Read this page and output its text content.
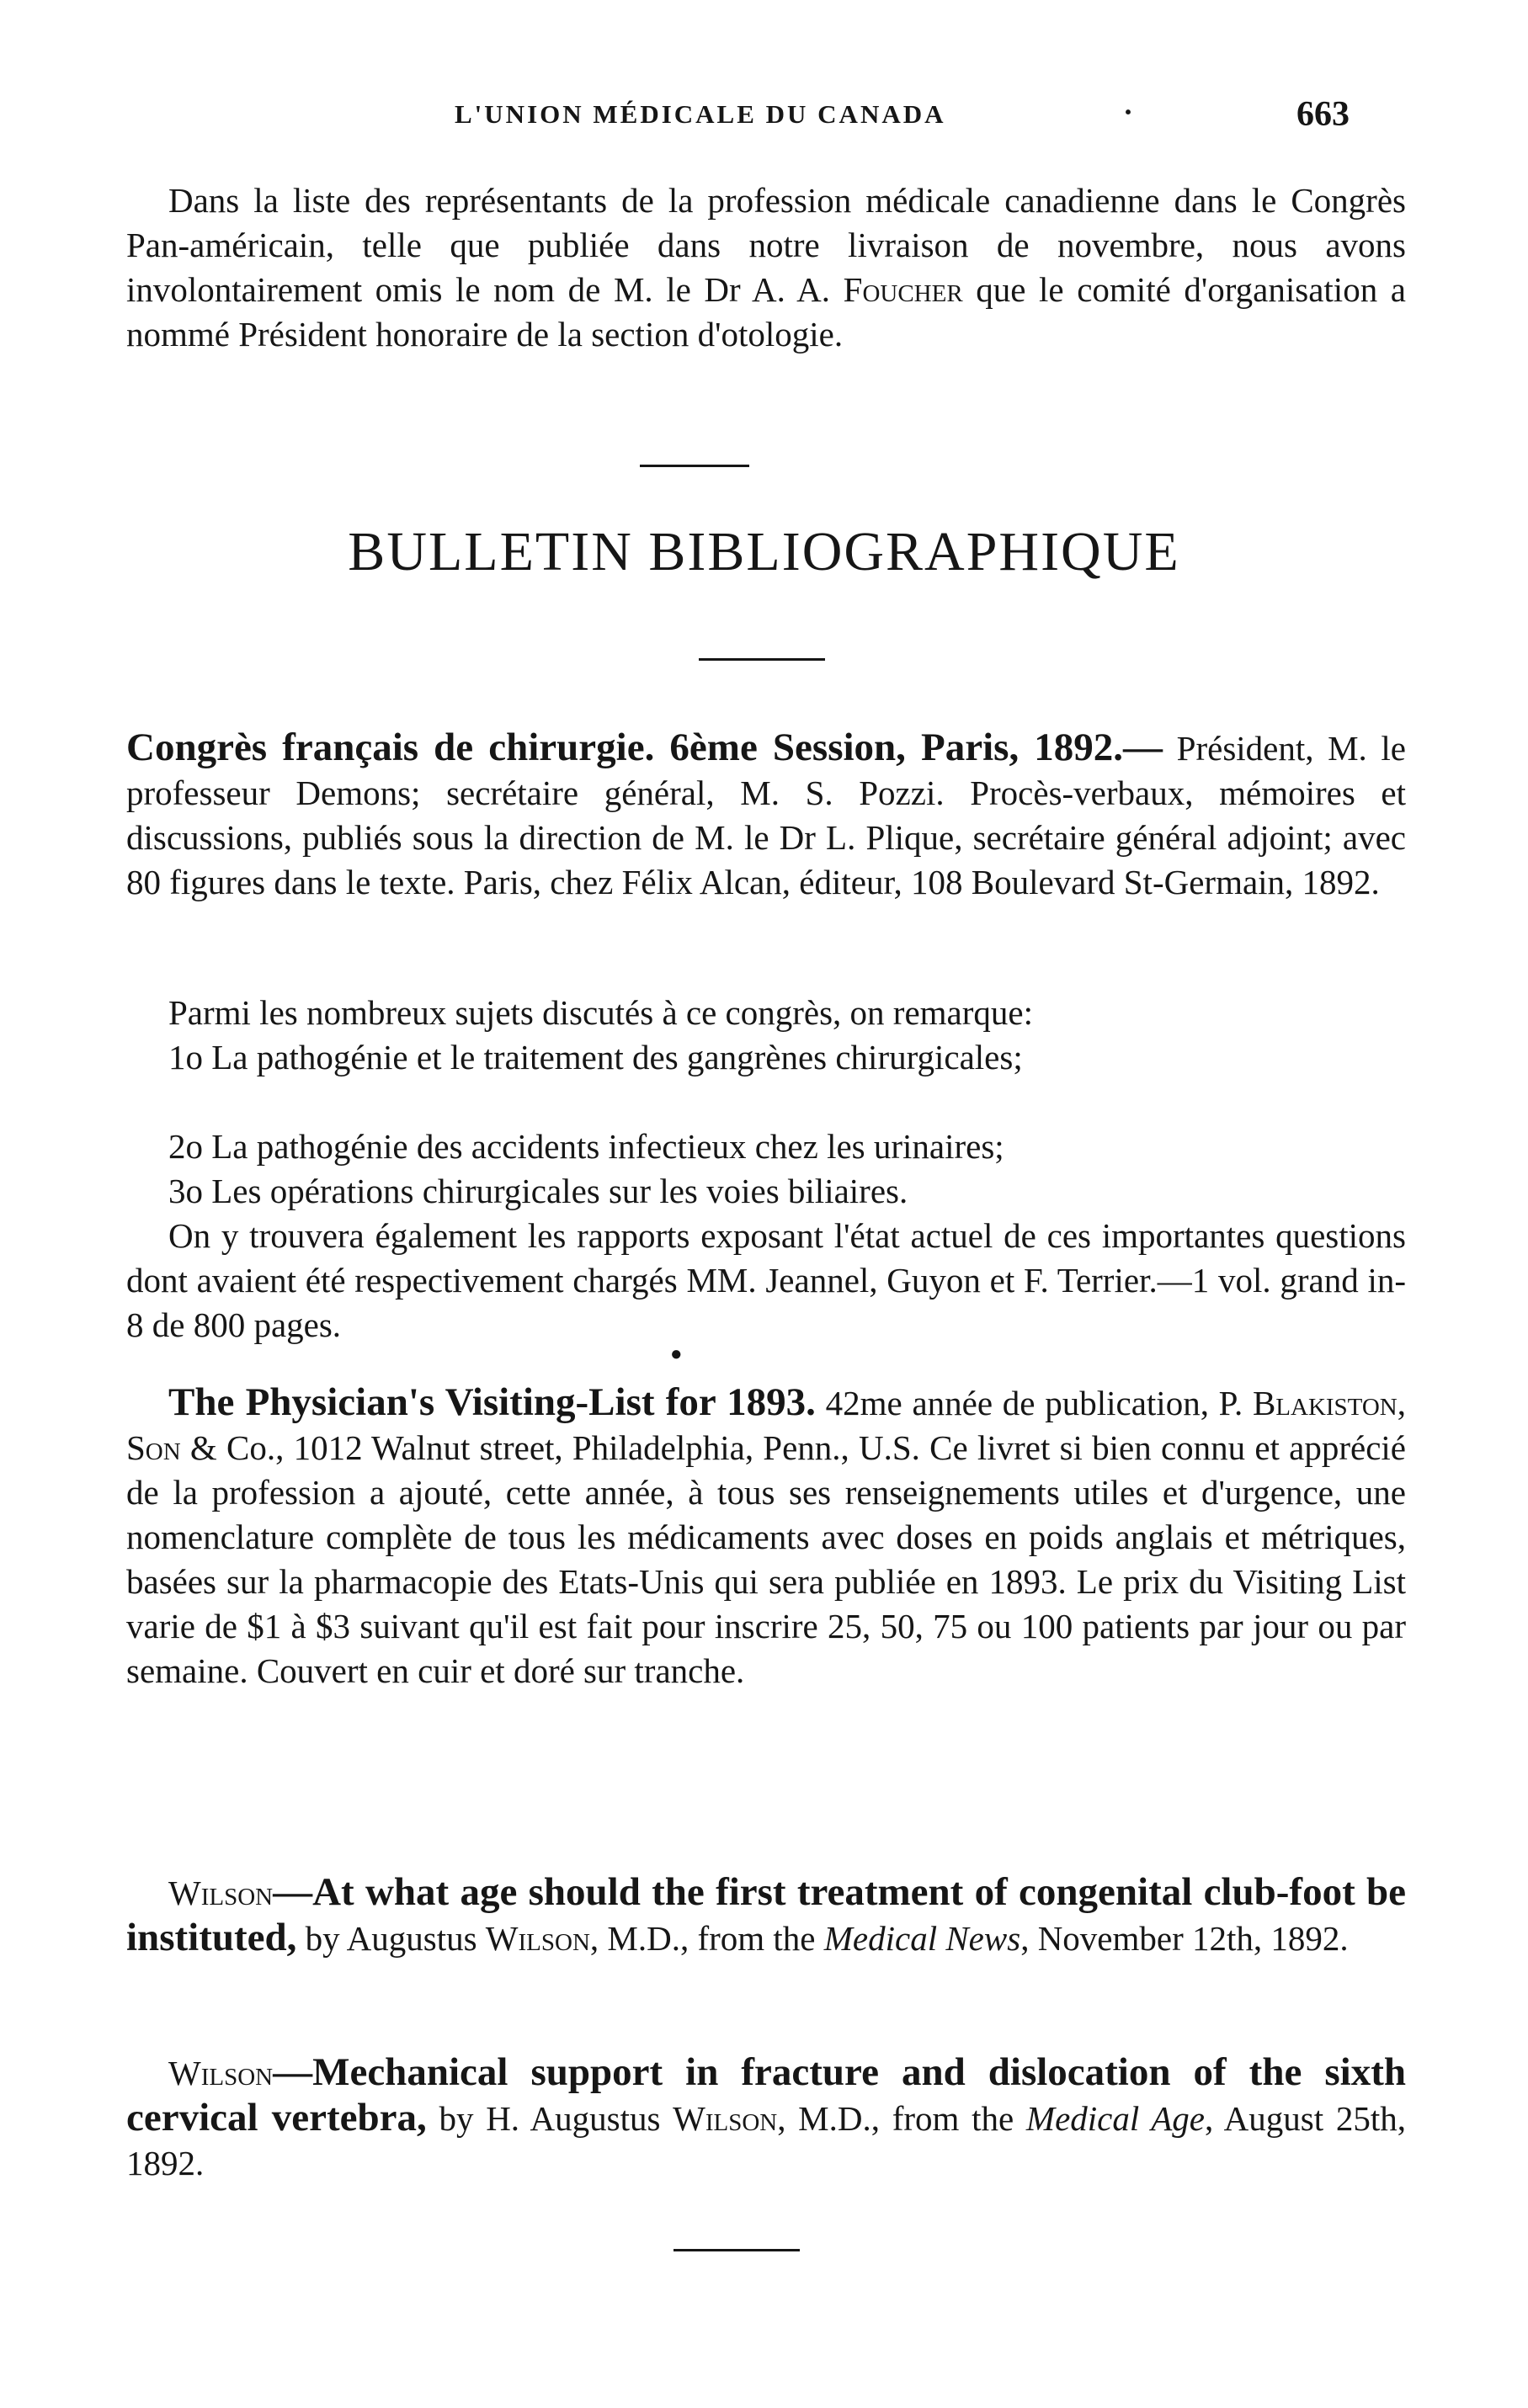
L'UNION MÉDICALE DU CANADA	·	663

Dans la liste des représentants de la profession médicale canadienne dans le Congrès Pan-américain, telle que publiée dans notre livraison de novembre, nous avons involontairement omis le nom de M. le Dr A. A. Foucher que le comité d'organisation a nommé Président honoraire de la section d'otologie.

BULLETIN BIBLIOGRAPHIQUE

Congrès français de chirurgie. 6ème Session, Paris, 1892.— Président, M. le professeur Demons; secrétaire général, M. S. Pozzi. Procès-verbaux, mémoires et discussions, publiés sous la direction de M. le Dr L. Plique, secrétaire général adjoint; avec 80 figures dans le texte. Paris, chez Félix Alcan, éditeur, 108 Boulevard St-Germain, 1892.

Parmi les nombreux sujets discutés à ce congrès, on remarque:

1o La pathogénie et le traitement des gangrènes chirurgicales;

2o La pathogénie des accidents infectieux chez les urinaires;

3o Les opérations chirurgicales sur les voies biliaires.

On y trouvera également les rapports exposant l'état actuel de ces importantes questions dont avaient été respectivement chargés MM. Jeannel, Guyon et F. Terrier.—1 vol. grand in-8 de 800 pages.

●

The Physician's Visiting-List for 1893. 42me année de publication, P. Blakiston, Son & Co., 1012 Walnut street, Philadelphia, Penn., U.S. Ce livret si bien connu et apprécié de la profession a ajouté, cette année, à tous ses renseignements utiles et d'urgence, une nomenclature complète de tous les médicaments avec doses en poids anglais et métriques, basées sur la pharmacopie des Etats-Unis qui sera publiée en 1893. Le prix du Visiting List varie de $1 à $3 suivant qu'il est fait pour inscrire 25, 50, 75 ou 100 patients par jour ou par semaine. Couvert en cuir et doré sur tranche.

Wilson—At what age should the first treatment of congenital club-foot be instituted, by Augustus Wilson, M.D., from the Medical News, November 12th, 1892.

Wilson—Mechanical support in fracture and dislocation of the sixth cervical vertebra, by H. Augustus Wilson, M.D., from the Medical Age, August 25th, 1892.
